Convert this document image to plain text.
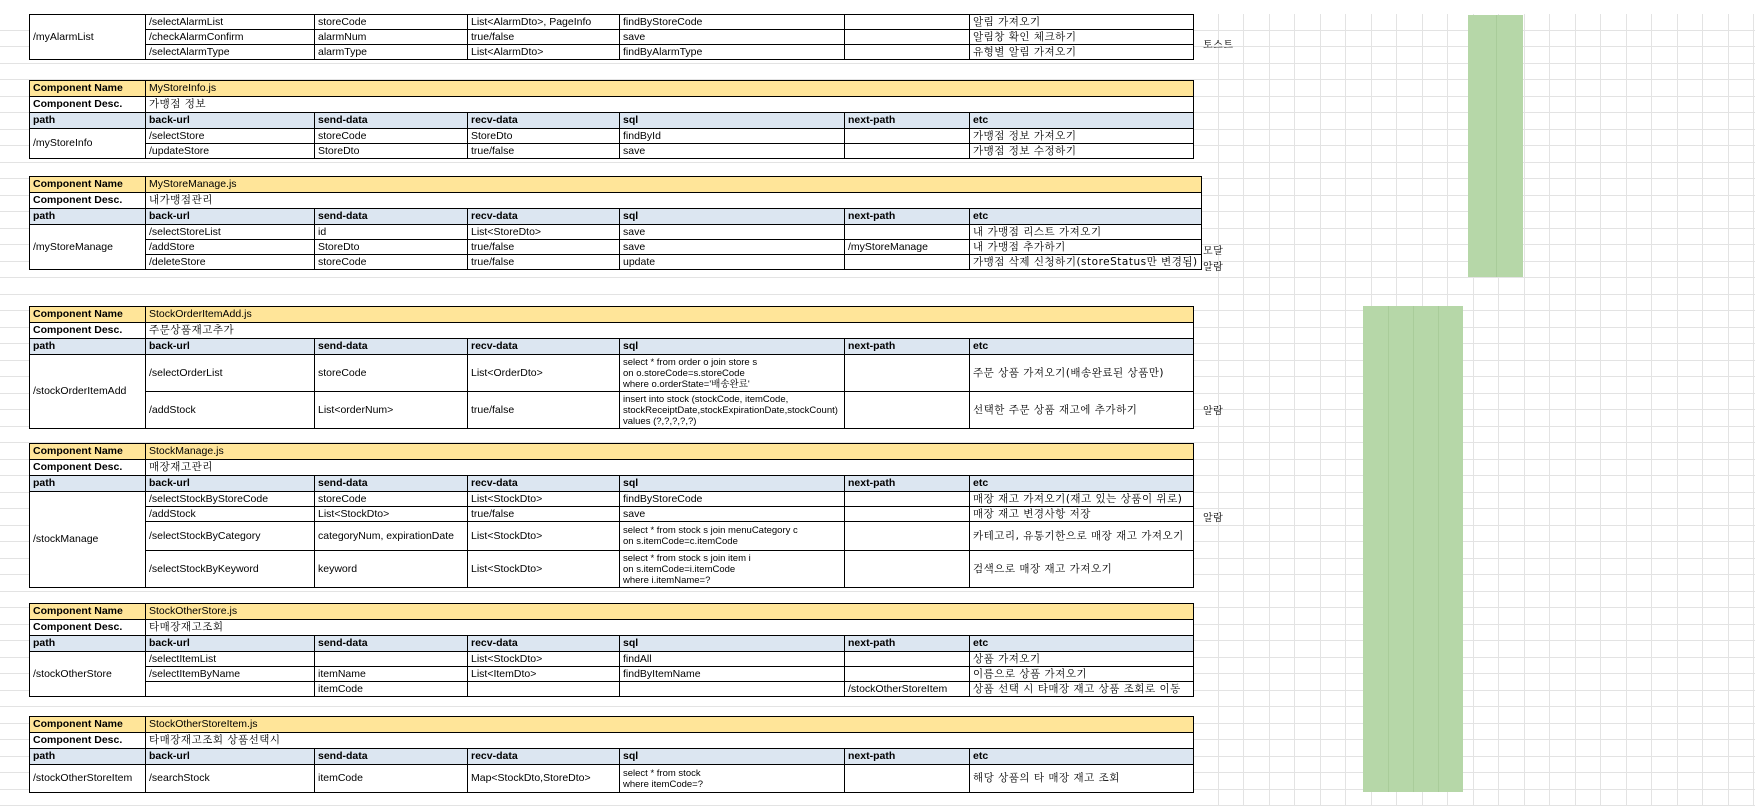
/myAlarmList	/selectAlarmList	storeCode	List<AlarmDto>, PageInfo	findByStoreCode		알림 가져오기
	/checkAlarmConfirm	alarmNum	true/false	save		알림창 확인 체크하기
	/selectAlarmType	alarmType	List<AlarmDto>	findByAlarmType		유형별 알림 가져오기
Component Name	MyStoreInfo.js					
Component Desc.	가맹점 정보					
path	back-url	send-data	recv-data	sql	next-path	etc
/myStoreInfo	/selectStore	storeCode	StoreDto	findById		가맹점 정보 가져오기
	/updateStore	StoreDto	true/false	save		가맹점 정보 수정하기
Component Name	MyStoreManage.js					
Component Desc.	내가맹점관리					
path	back-url	send-data	recv-data	sql	next-path	etc
/myStoreManage	/selectStoreList	id	List<StoreDto>	save		내 가맹점 리스트 가져오기
	/addStore	StoreDto	true/false	save	/myStoreManage	내 가맹점 추가하기
	/deleteStore	storeCode	true/false	update		가맹점 삭제 신청하기(storeStatus만 변경됨)
Component Name	StockOrderItemAdd.js					
Component Desc.	주문상품재고추가					
path	back-url	send-data	recv-data	sql	next-path	etc
/stockOrderItemAdd	/selectOrderList	storeCode	List<OrderDto>	select * from order o join store s
on o.storeCode=s.storeCode
where o.orderState='배송완료'		주문 상품 가져오기(배송완료된 상품만)
	/addStock	List<orderNum>	true/false	insert into stock (stockCode, itemCode,
stockReceiptDate,stockExpirationDate,stockCount)
values (?,?,?,?,?)		선택한 주문 상품 재고에 추가하기
Component Name	StockManage.js					
Component Desc.	매장재고관리					
path	back-url	send-data	recv-data	sql	next-path	etc
/stockManage	/selectStockByStoreCode	storeCode	List<StockDto>	findByStoreCode		매장 재고 가져오기(재고 있는 상품이 위로)
	/addStock	List<StockDto>	true/false	save		매장 재고 변경사항 저장
	/selectStockByCategory	categoryNum, expirationDate	List<StockDto>	select * from stock s join menuCategory c
on s.itemCode=c.itemCode		카테고리, 유통기한으로 매장 재고 가져오기
	/selectStockByKeyword	keyword	List<StockDto>	select * from stock s join item i
on s.itemCode=i.itemCode
where i.itemName=?		검색으로 매장 재고 가져오기
Component Name	StockOtherStore.js					
Component Desc.	타매장재고조회					
path	back-url	send-data	recv-data	sql	next-path	etc
/stockOtherStore	/selectItemList		List<StockDto>	findAll		상품 가져오기
	/selectItemByName	itemName	List<ItemDto>	findByItemName		이름으로 상품 가져오기
		itemCode			/stockOtherStoreItem	상품 선택 시 타매장 재고 상품 조회로 이동
Component Name	StockOtherStoreItem.js					
Component Desc.	타매장재고조회 상품선택시					
path	back-url	send-data	recv-data	sql	next-path	etc
/stockOtherStoreItem	/searchStock	itemCode	Map<StockDto,StoreDto>	select * from stock
where itemCode=?		해당 상품의 타 매장 재고 조회
토스트
모달
알람
알람
알람
